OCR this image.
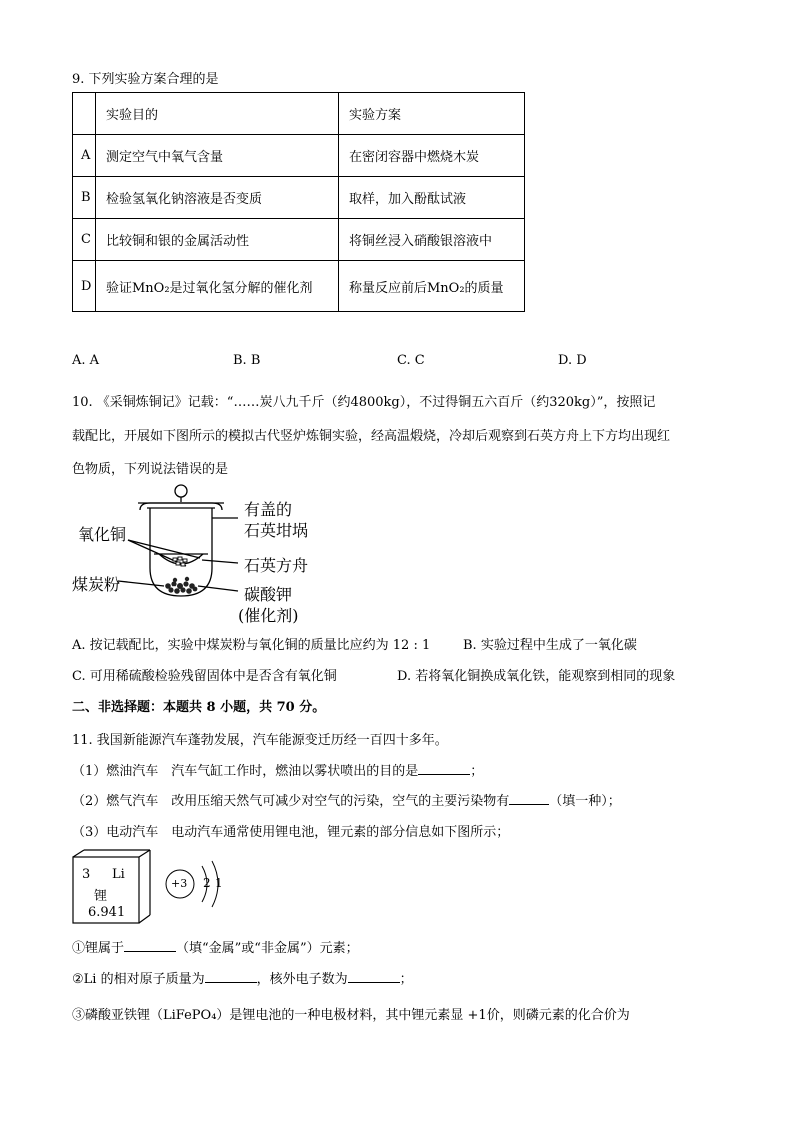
9. 下列实验方案合理的是
	实验目的	实验方案
A	测定空气中氧气含量	在密闭容器中燃烧木炭
B	检验氢氧化钠溶液是否变质	取样，加入酚酞试液
C	比较铜和银的金属活动性	将铜丝浸入硝酸银溶液中
D	验证MnO₂是过氧化氢分解的催化剂	称量反应前后MnO₂的质量
A. A	B. B	C. C	D. D
10. 《采铜炼铜记》记载：“……炭八九千斤（约4800kg），不过得铜五六百斤（约320kg）”，按照记
载配比，开展如下图所示的模拟古代竖炉炼铜实验，经高温煅烧，冷却后观察到石英方舟上下方均出现红
色物质，下列说法错误的是
有盖的
石英坩埚
氧化铜
石英方舟
煤炭粉
碳酸钾
(催化剂)
A. 按记载配比，实验中煤炭粉与氧化铜的质量比应约为 12 : 1	B. 实验过程中生成了一氧化碳
C. 可用稀硫酸检验残留固体中是否含有氧化铜	D. 若将氧化铜换成氧化铁，能观察到相同的现象
二、非选择题：本题共 8 小题，共 70 分。
11. 我国新能源汽车蓬勃发展，汽车能源变迁历经一百四十多年。
（1）燃油汽车　汽车气缸工作时，燃油以雾状喷出的目的是	；
（2）燃气汽车　改用压缩天然气可减少对空气的污染，空气的主要污染物有	（填一种）；
（3）电动汽车　电动汽车通常使用锂电池，锂元素的部分信息如下图所示；
3 Li
锂
6.941
+3 2 1
①锂属于	（填“金属”或“非金属”）元素；
②Li 的相对原子质量为	，核外电子数为	；
③磷酸亚铁锂（LiFePO₄）是锂电池的一种电极材料，其中锂元素显 +1价，则磷元素的化合价为
